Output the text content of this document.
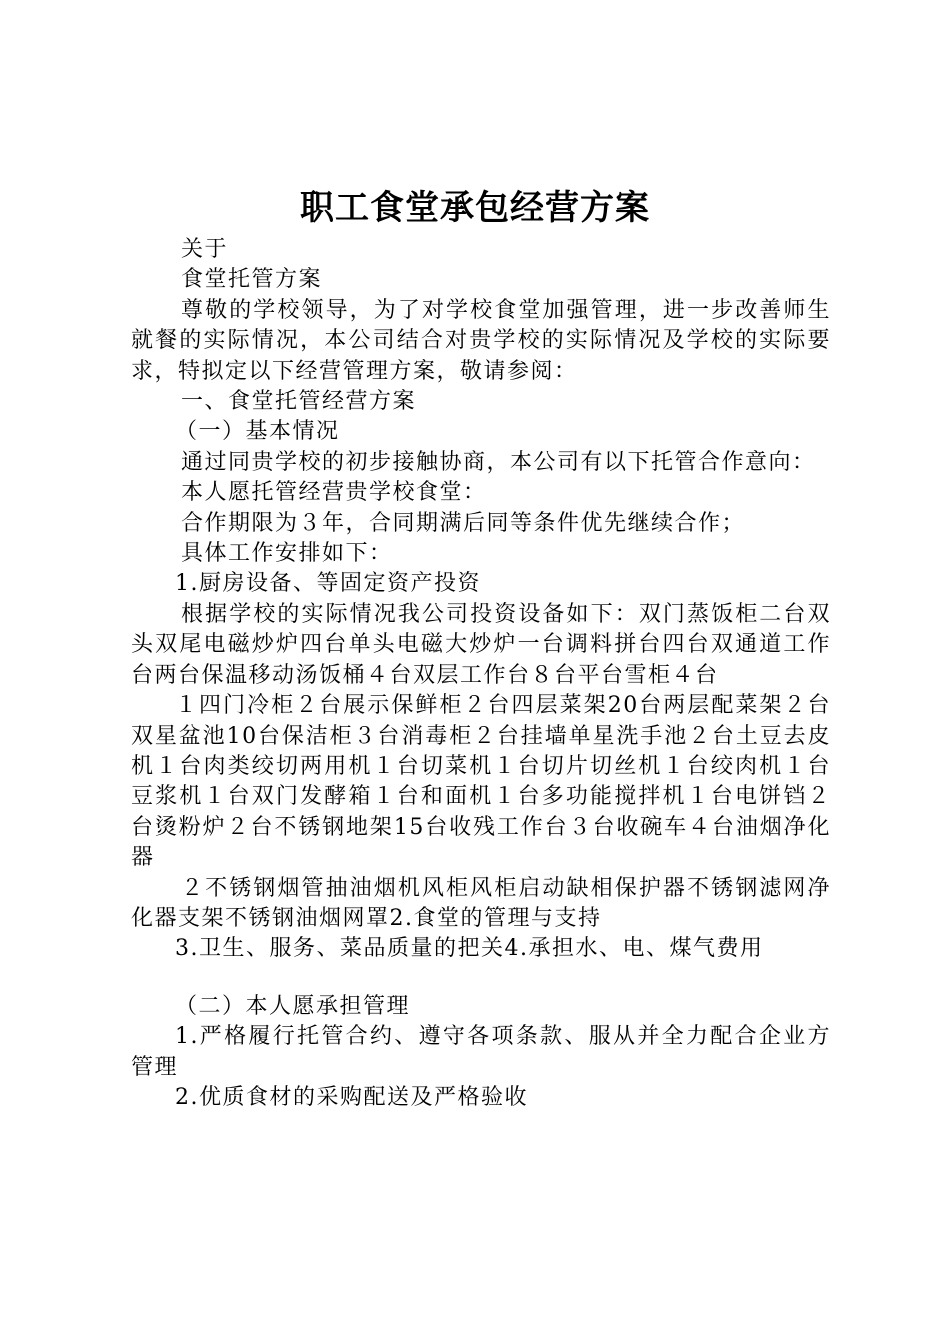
职工食堂承包经营方案

关于

食堂托管方案

尊敬的学校领导，为了对学校食堂加强管理，进一步改善师生就餐的实际情况，本公司结合对贵学校的实际情况及学校的实际要求，特拟定以下经营管理方案，敬请参阅：

一、食堂托管经营方案

（一）基本情况

通过同贵学校的初步接触协商，本公司有以下托管合作意向：

本人愿托管经营贵学校食堂：

合作期限为３年，合同期满后同等条件优先继续合作；

具体工作安排如下：

1.厨房设备、等固定资产投资

根据学校的实际情况我公司投资设备如下：双门蒸饭柜二台双头双尾电磁炒炉四台单头电磁大炒炉一台调料拼台四台双通道工作台两台保温移动汤饭桶４台双层工作台８台平台雪柜４台

１四门冷柜２台展示保鲜柜２台四层菜架20台两层配菜架２台双星盆池10台保洁柜３台消毒柜２台挂墙单星洗手池２台土豆去皮机１台肉类绞切两用机１台切菜机１台切片切丝机１台绞肉机１台豆浆机１台双门发酵箱１台和面机１台多功能搅拌机１台电饼铛２台烫粉炉２台不锈钢地架15台收残工作台３台收碗车４台油烟净化器

２不锈钢烟管抽油烟机风柜风柜启动缺相保护器不锈钢滤网净化器支架不锈钢油烟网罩2.食堂的管理与支持

3.卫生、服务、菜品质量的把关4.承担水、电、煤气费用

（二）本人愿承担管理

1.严格履行托管合约、遵守各项条款、服从并全力配合企业方管理

2.优质食材的采购配送及严格验收
